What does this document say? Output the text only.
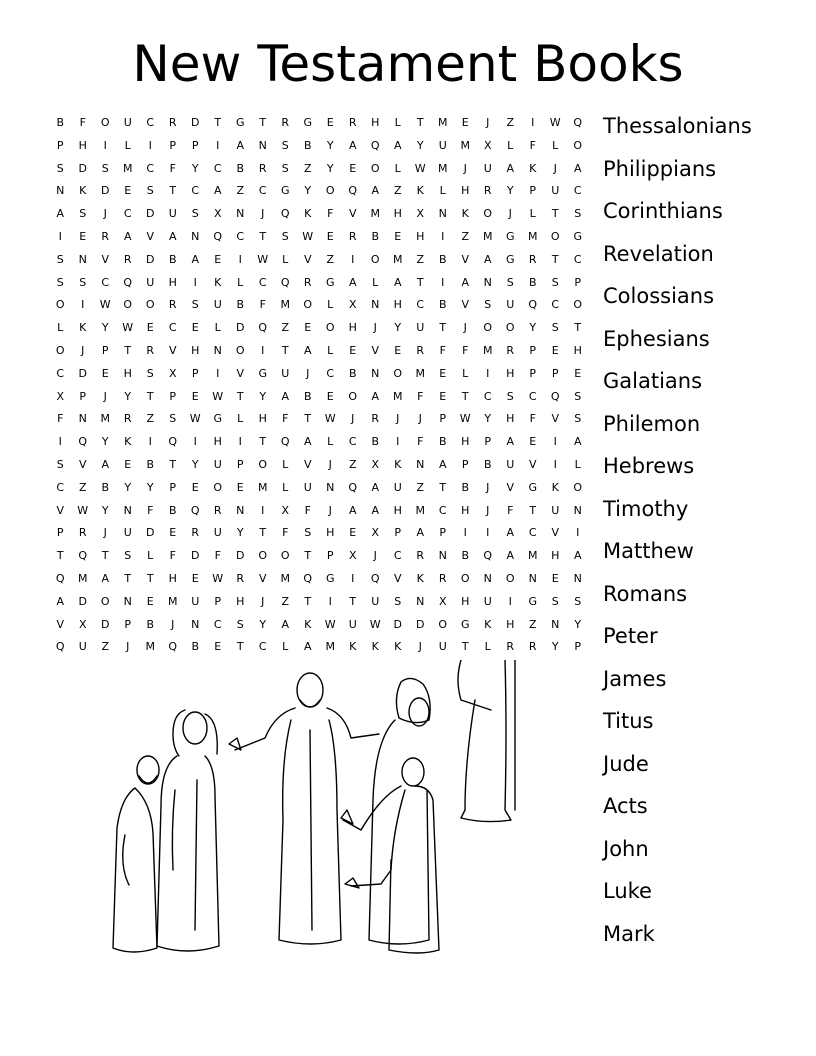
New Testament Books
B	F	O	U	C	R	D	T	G	T	R	G	E	R	H	L	T	M	E	J	Z	I	W	Q
P	H	I	L	I	P	P	I	A	N	S	B	Y	A	Q	A	Y	U	M	X	L	F	L	O
S	D	S	M	C	F	Y	C	B	R	S	Z	Y	E	O	L	W	M	J	U	A	K	J	A
N	K	D	E	S	T	C	A	Z	C	G	Y	O	Q	A	Z	K	L	H	R	Y	P	U	C
A	S	J	C	D	U	S	X	N	J	Q	K	F	V	M	H	X	N	K	O	J	L	T	S
I	E	R	A	V	A	N	Q	C	T	S	W	E	R	B	E	H	I	Z	M	G	M	O	G
S	N	V	R	D	B	A	E	I	W	L	V	Z	I	O	M	Z	B	V	A	G	R	T	C
S	S	C	Q	U	H	I	K	L	C	Q	R	G	A	L	A	T	I	A	N	S	B	S	P
O	I	W	O	O	R	S	U	B	F	M	O	L	X	N	H	C	B	V	S	U	Q	C	O
L	K	Y	W	E	C	E	L	D	Q	Z	E	O	H	J	Y	U	T	J	O	O	Y	S	T
O	J	P	T	R	V	H	N	O	I	T	A	L	E	V	E	R	F	F	M	R	P	E	H
C	D	E	H	S	X	P	I	V	G	U	J	C	B	N	O	M	E	L	I	H	P	P	E
X	P	J	Y	T	P	E	W	T	Y	A	B	E	O	A	M	F	E	T	C	S	C	Q	S
F	N	M	R	Z	S	W	G	L	H	F	T	W	J	R	J	J	P	W	Y	H	F	V	S
I	Q	Y	K	I	Q	I	H	I	T	Q	A	L	C	B	I	F	B	H	P	A	E	I	A
S	V	A	E	B	T	Y	U	P	O	L	V	J	Z	X	K	N	A	P	B	U	V	I	L
C	Z	B	Y	Y	P	E	O	E	M	L	U	N	Q	A	U	Z	T	B	J	V	G	K	O
V	W	Y	N	F	B	Q	R	N	I	X	F	J	A	A	H	M	C	H	J	F	T	U	N
P	R	J	U	D	E	R	U	Y	T	F	S	H	E	X	P	A	P	I	I	A	C	V	I
T	Q	T	S	L	F	D	F	D	O	O	T	P	X	J	C	R	N	B	Q	A	M	H	A
Q	M	A	T	T	H	E	W	R	V	M	Q	G	I	Q	V	K	R	O	N	O	N	E	N
A	D	O	N	E	M	U	P	H	J	Z	T	I	T	U	S	N	X	H	U	I	G	S	S
V	X	D	P	B	J	N	C	S	Y	A	K	W	U	W	D	D	O	G	K	H	Z	N	Y
Q	U	Z	J	M	Q	B	E	T	C	L	A	M	K	K	K	J	U	T	L	R	R	Y	P
Thessalonians
Philippians
Corinthians
Revelation
Colossians
Ephesians
Galatians
Philemon
Hebrews
Timothy
Matthew
Romans
Peter
James
Titus
Jude
Acts
John
Luke
Mark
